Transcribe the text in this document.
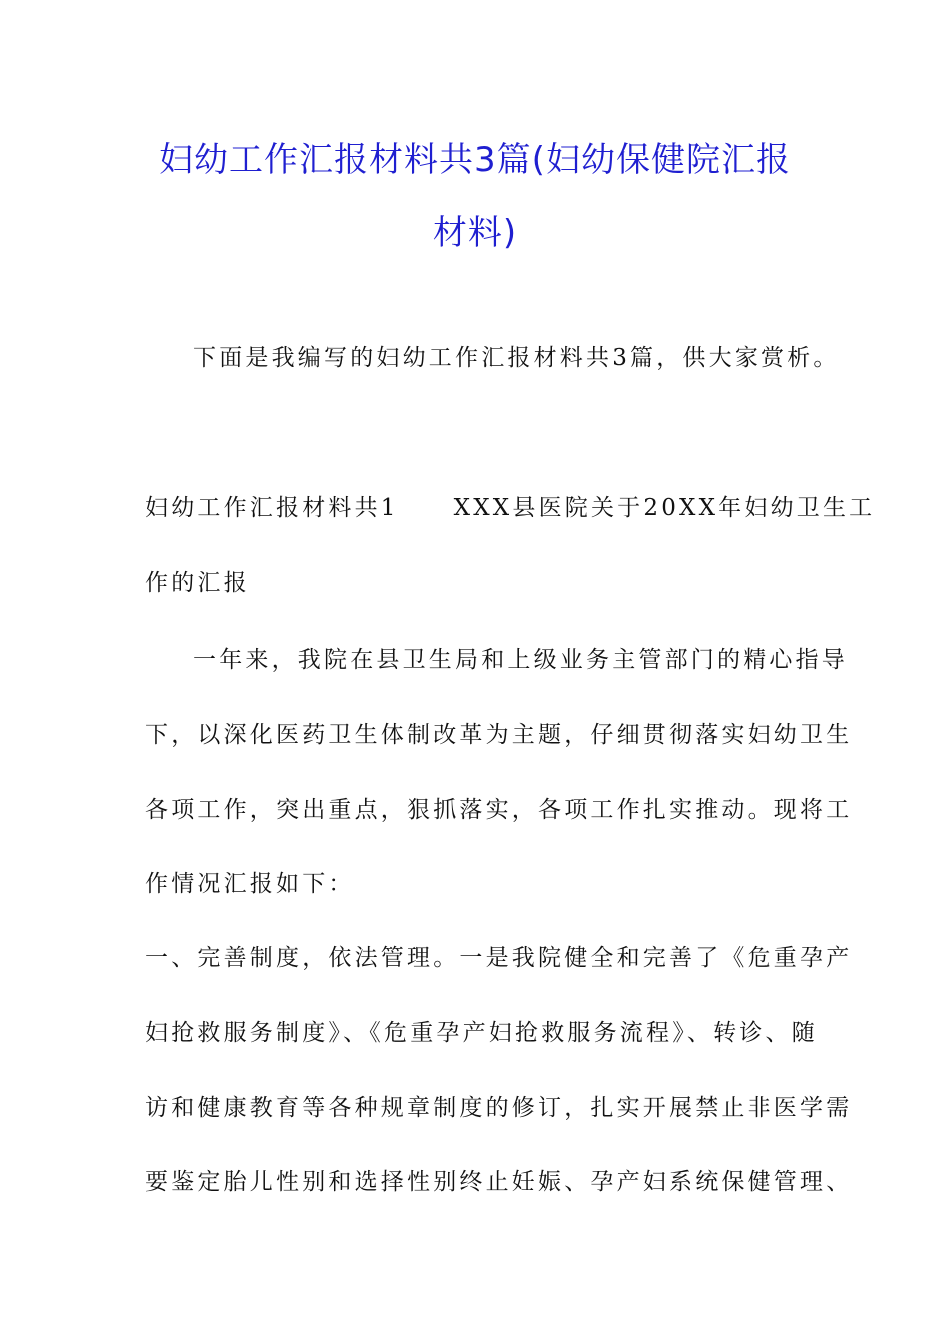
妇幼工作汇报材料共3篇(妇幼保健院汇报
材料)

下面是我编写的妇幼工作汇报材料共3篇，供大家赏析。

妇幼工作汇报材料共1 XXX县医院关于20XX年妇幼卫生工

作的汇报

一年来，我院在县卫生局和上级业务主管部门的精心指导

下，以深化医药卫生体制改革为主题，仔细贯彻落实妇幼卫生

各项工作，突出重点，狠抓落实，各项工作扎实推动。现将工

作情况汇报如下：

一、完善制度，依法管理。一是我院健全和完善了《危重孕产

妇抢救服务制度》、《危重孕产妇抢救服务流程》、转诊、随

访和健康教育等各种规章制度的修订，扎实开展禁止非医学需

要鉴定胎儿性别和选择性别终止妊娠、孕产妇系统保健管理、
